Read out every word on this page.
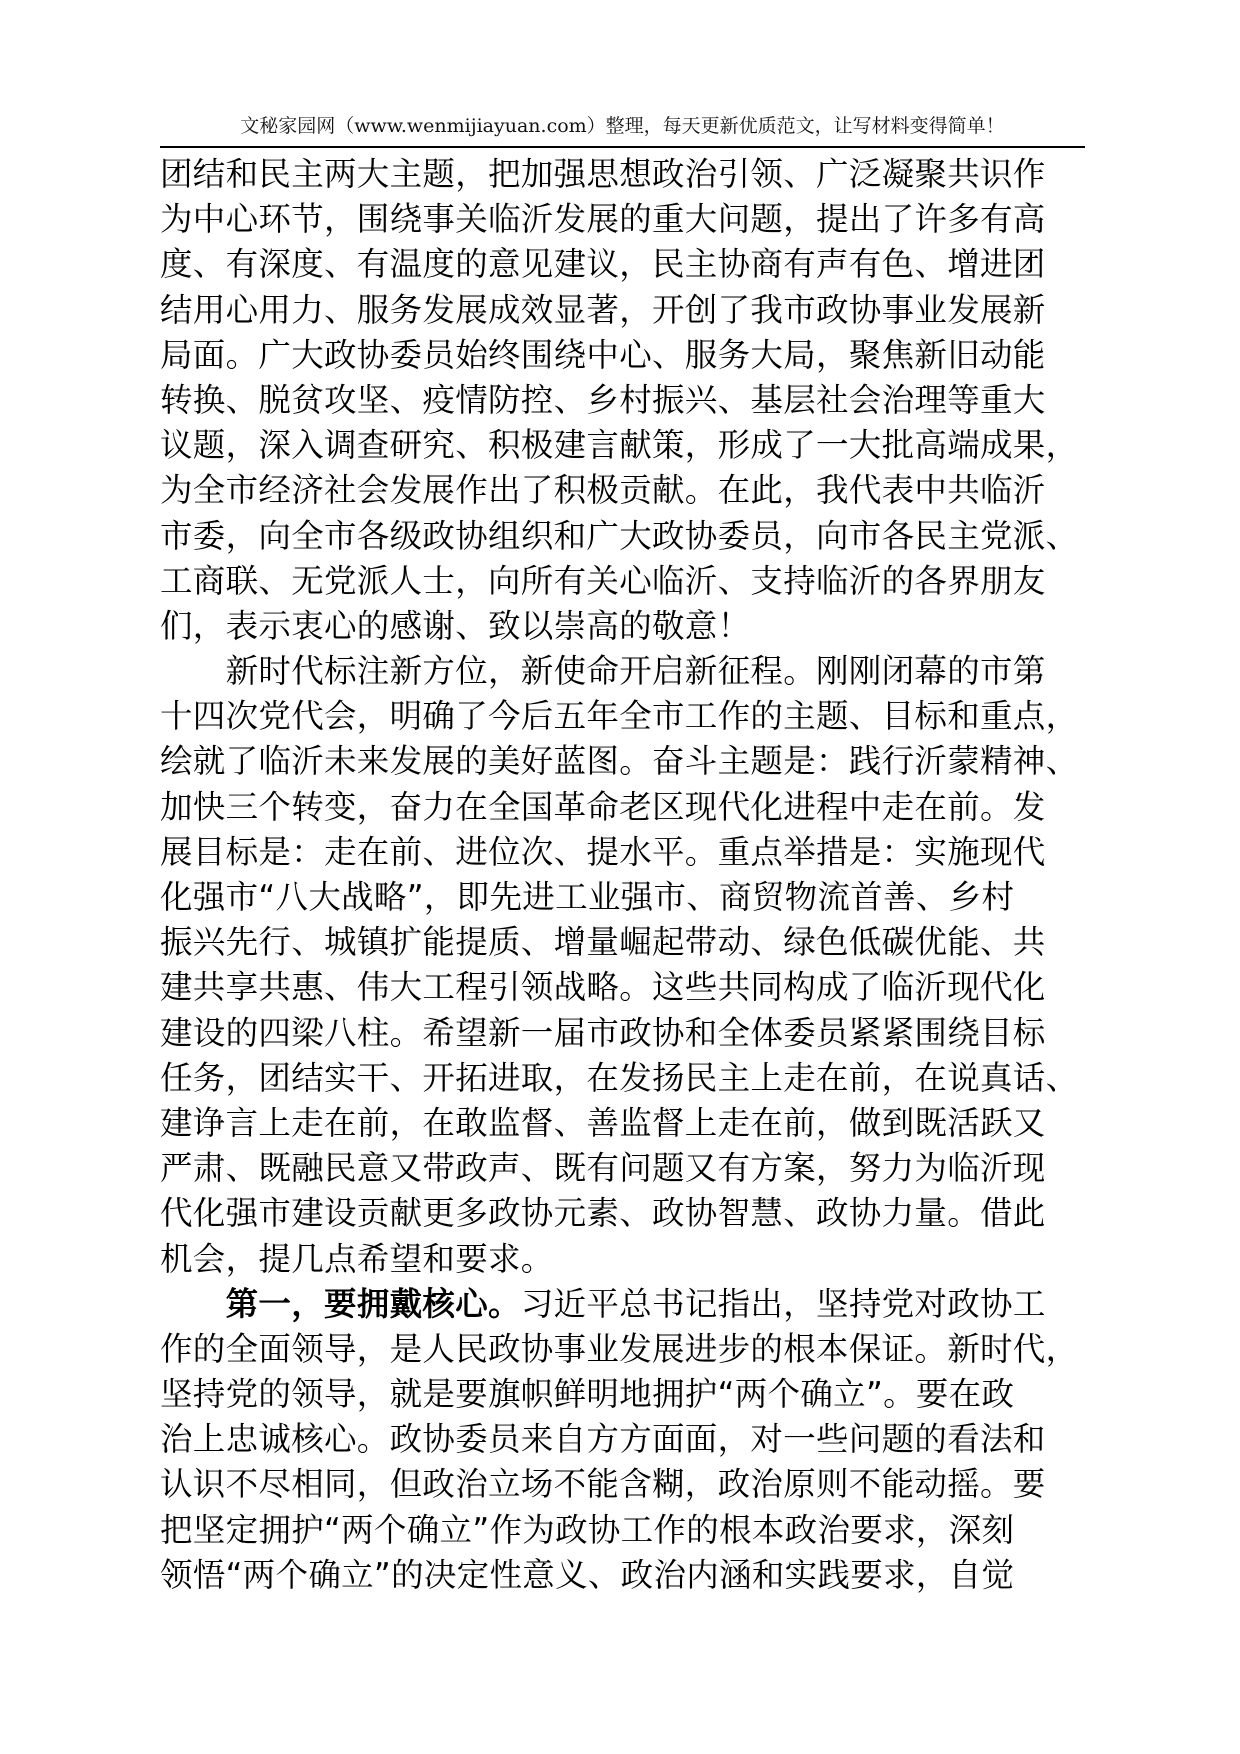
文秘家园网（www.wenmijiayuan.com）整理，每天更新优质范文，让写材料变得简单！
团结和民主两大主题，把加强思想政治引领、广泛凝聚共识作
为中心环节，围绕事关临沂发展的重大问题，提出了许多有高
度、有深度、有温度的意见建议，民主协商有声有色、增进团
结用心用力、服务发展成效显著，开创了我市政协事业发展新
局面。广大政协委员始终围绕中心、服务大局，聚焦新旧动能
转换、脱贫攻坚、疫情防控、乡村振兴、基层社会治理等重大
议题，深入调查研究、积极建言献策，形成了一大批高端成果，
为全市经济社会发展作出了积极贡献。在此，我代表中共临沂
市委，向全市各级政协组织和广大政协委员，向市各民主党派、
工商联、无党派人士，向所有关心临沂、支持临沂的各界朋友
们，表示衷心的感谢、致以崇高的敬意！
　　新时代标注新方位，新使命开启新征程。刚刚闭幕的市第
十四次党代会，明确了今后五年全市工作的主题、目标和重点，
绘就了临沂未来发展的美好蓝图。奋斗主题是：践行沂蒙精神、
加快三个转变，奋力在全国革命老区现代化进程中走在前。发
展目标是：走在前、进位次、提水平。重点举措是：实施现代
化强市“八大战略”，即先进工业强市、商贸物流首善、乡村
振兴先行、城镇扩能提质、增量崛起带动、绿色低碳优能、共
建共享共惠、伟大工程引领战略。这些共同构成了临沂现代化
建设的四梁八柱。希望新一届市政协和全体委员紧紧围绕目标
任务，团结实干、开拓进取，在发扬民主上走在前，在说真话、
建诤言上走在前，在敢监督、善监督上走在前，做到既活跃又
严肃、既融民意又带政声、既有问题又有方案，努力为临沂现
代化强市建设贡献更多政协元素、政协智慧、政协力量。借此
机会，提几点希望和要求。
　　第一，要拥戴核心。习近平总书记指出，坚持党对政协工
作的全面领导，是人民政协事业发展进步的根本保证。新时代，
坚持党的领导，就是要旗帜鲜明地拥护“两个确立”。要在政
治上忠诚核心。政协委员来自方方面面，对一些问题的看法和
认识不尽相同，但政治立场不能含糊，政治原则不能动摇。要
把坚定拥护“两个确立”作为政协工作的根本政治要求，深刻
领悟“两个确立”的决定性意义、政治内涵和实践要求，自觉
